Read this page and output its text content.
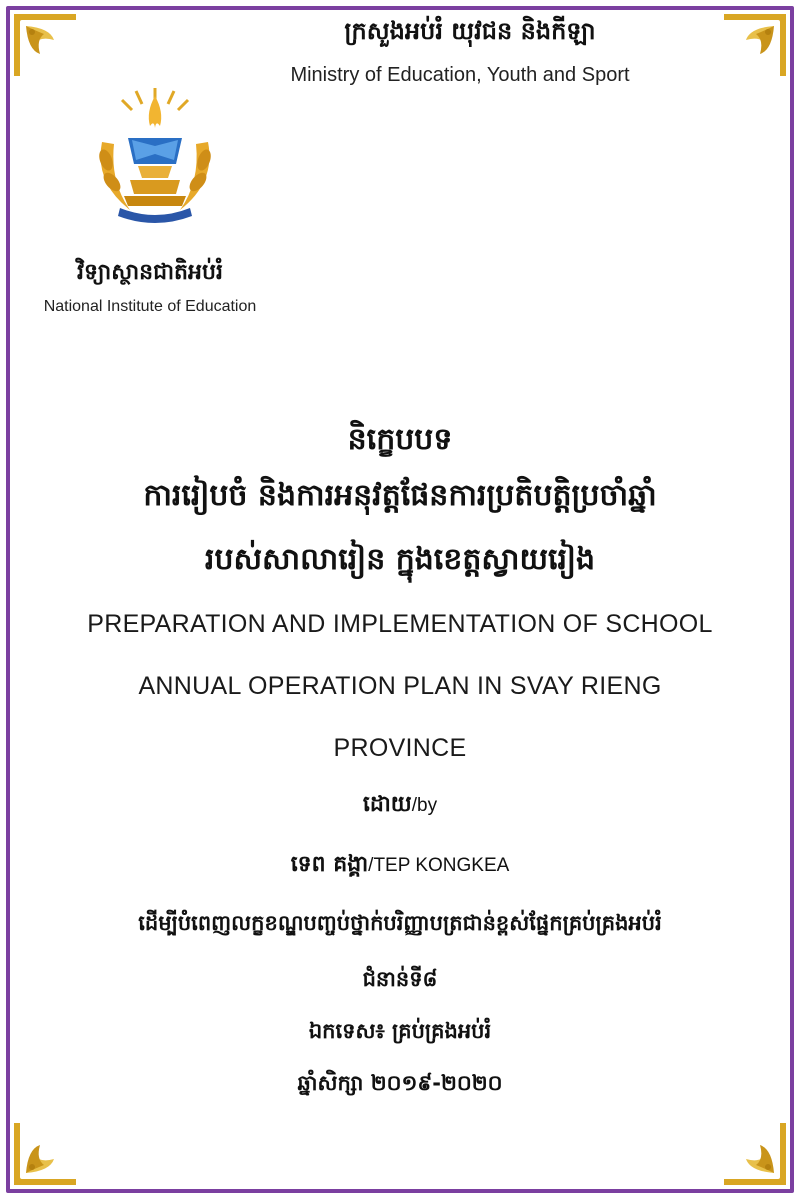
ក្រសួងអប់រំ យុវជន និងកីឡា
Ministry of Education, Youth and Sport
វិទ្យាស្ថានជាតិអប់រំ
National Institute of Education
និក្ខេបបទ
ការរៀបចំ និងការអនុវត្តផែនការប្រតិបត្តិប្រចាំឆ្នាំ
របស់សាលារៀន ក្នុងខេត្តស្វាយរៀង
PREPARATION AND IMPLEMENTATION OF SCHOOL
ANNUAL OPERATION PLAN IN SVAY RIENG
PROVINCE
ដោយ/by
ទេព គង្គា/TEP KONGKEA
ដើម្បីបំពេញលក្ខខណ្ឌបញ្ចប់ថ្នាក់បរិញ្ញាបត្រជាន់ខ្ពស់ផ្នែកគ្រប់គ្រងអប់រំ
ជំនាន់ទី៨
ឯកទេស៖ គ្រប់គ្រងអប់រំ
ឆ្នាំសិក្សា ២០១៩-២០២០
